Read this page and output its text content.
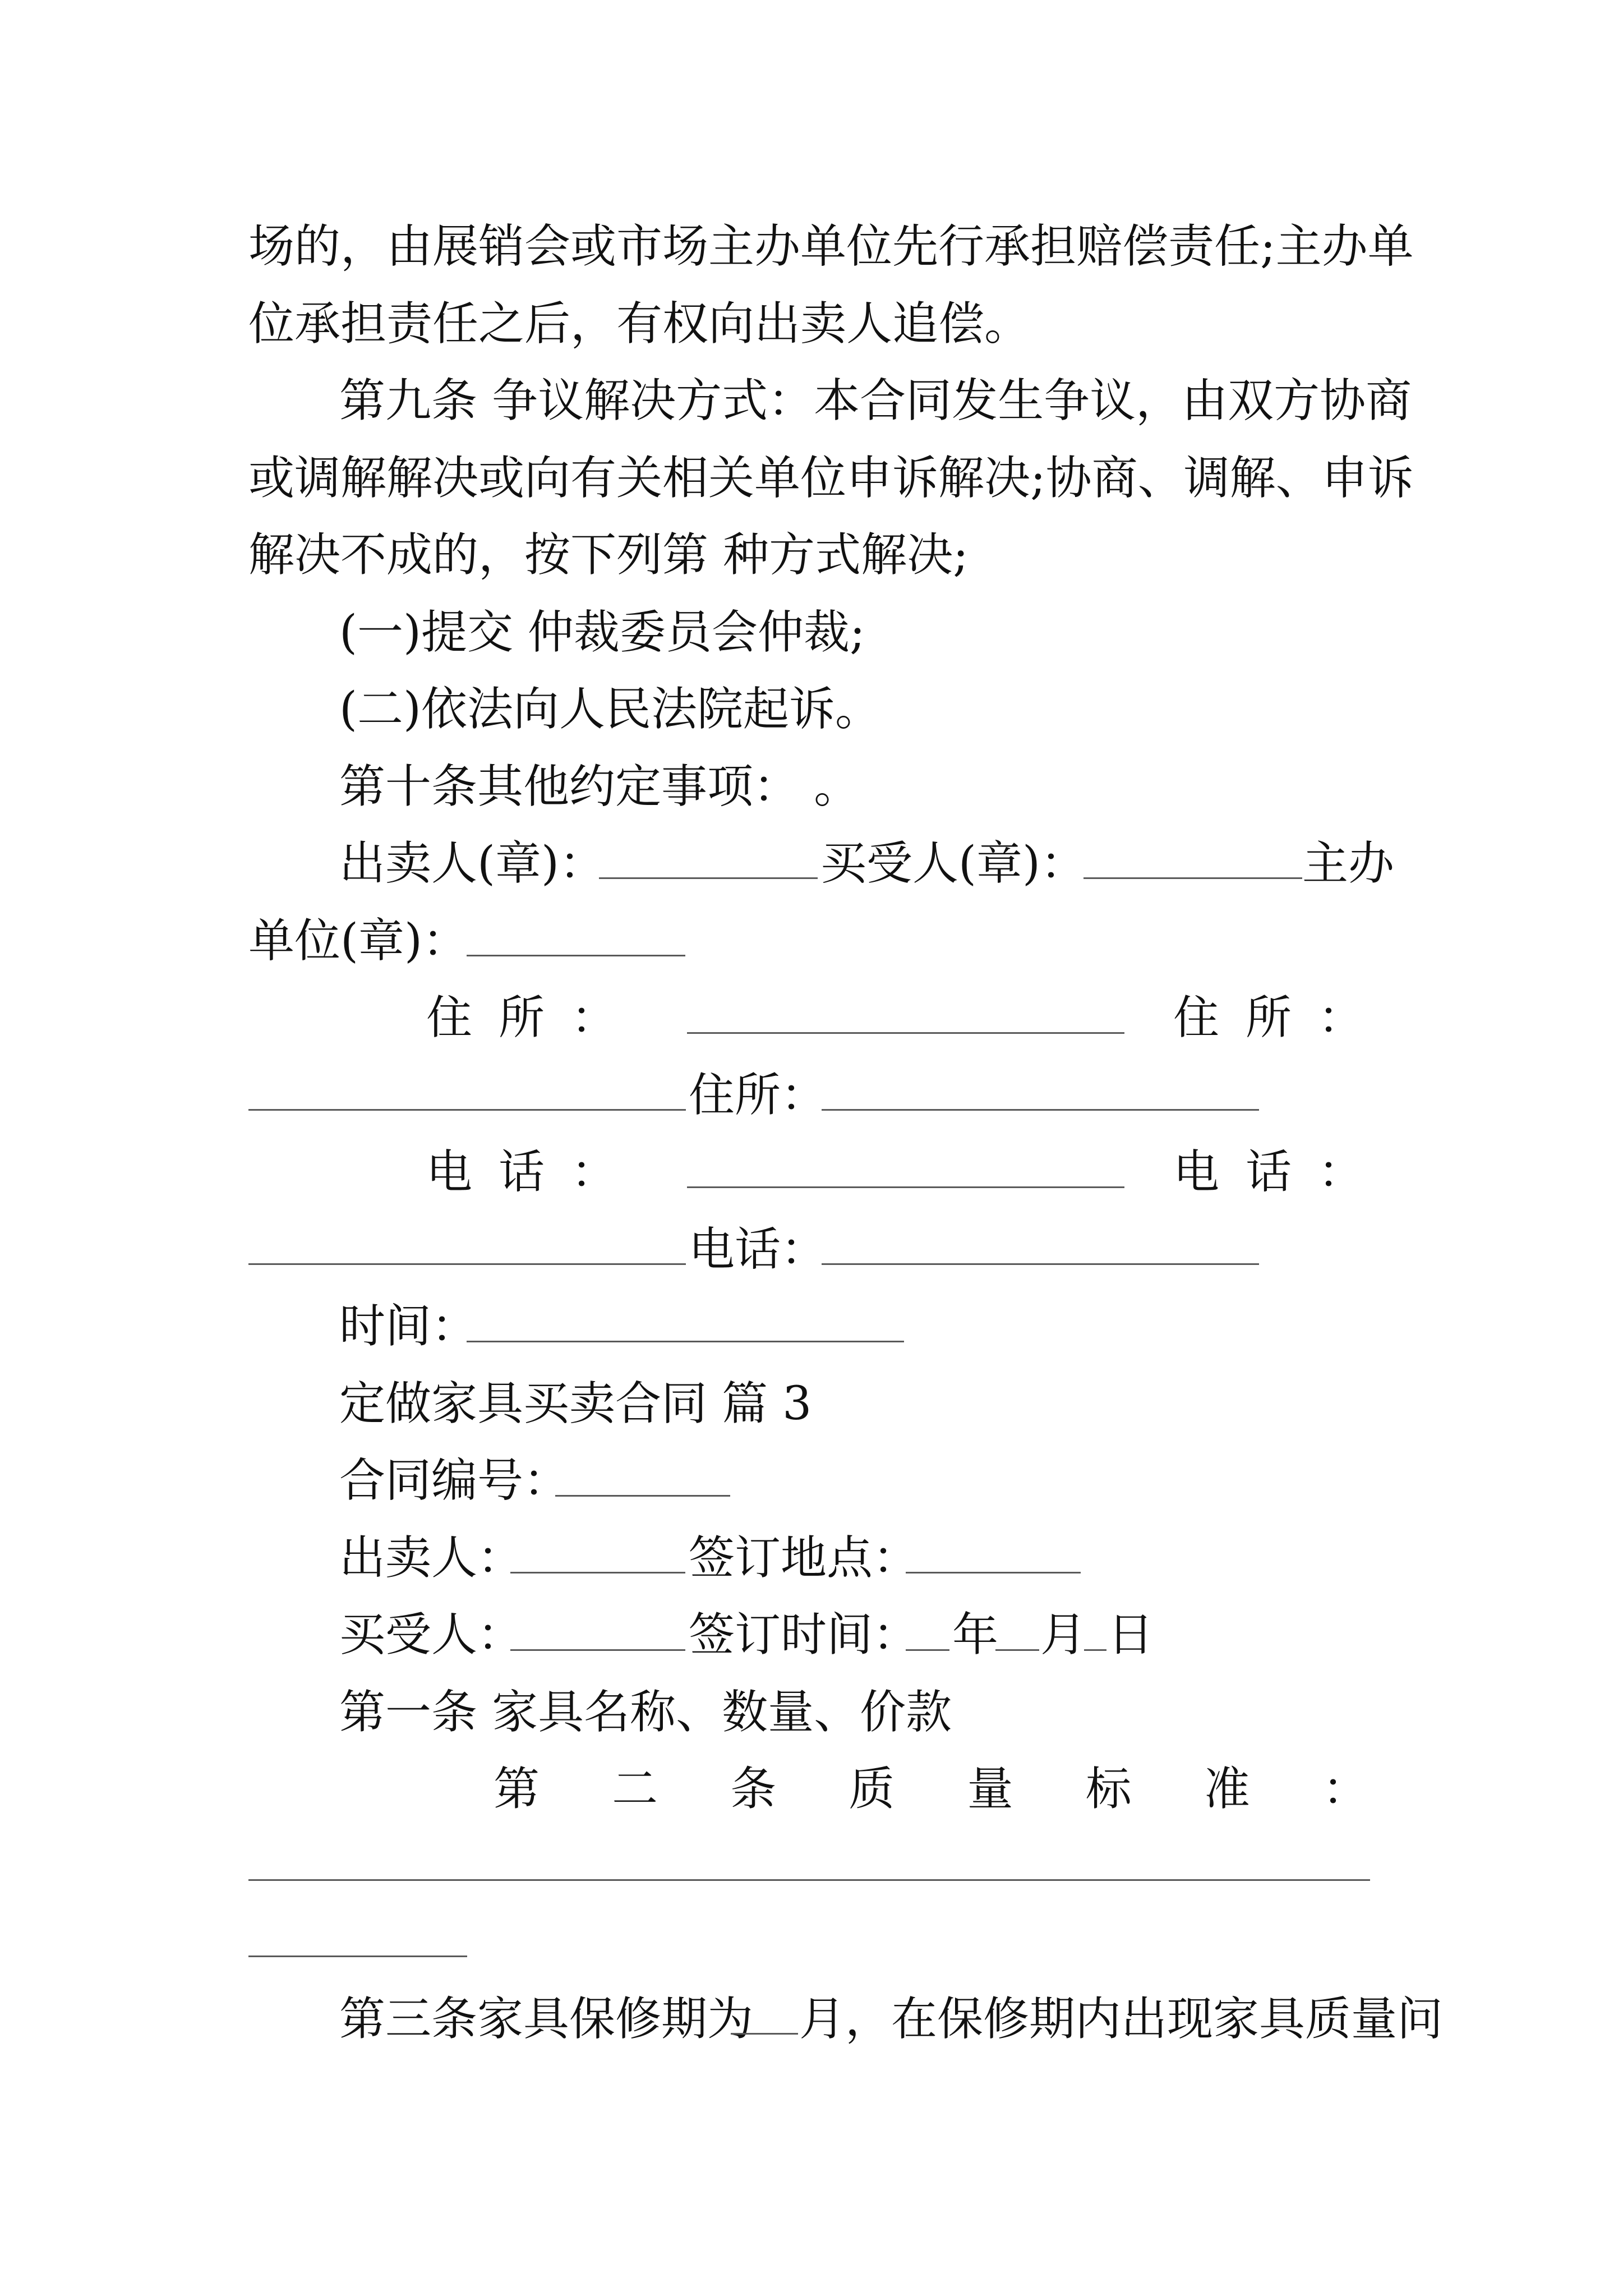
场的，由展销会或市场主办单位先行承担赔偿责任;主办单
位承担责任之后，有权向出卖人追偿。
第九条 争议解决方式：本合同发生争议，由双方协商
或调解解决或向有关相关单位申诉解决;协商、调解、申诉
解决不成的，按下列第 种方式解决;
(一)提交 仲裁委员会仲裁;
(二)依法向人民法院起诉。
第十条其他约定事项： 。
出卖人(章)：	买受人(章)：	主办
单位(章)：
住 所 ：	住 所 ：
住所：
电 话 ：	电 话 ：
电话：
时间：
定做家具买卖合同 篇 3
合同编号：
出卖人：	签订地点：
买受人：	签订时间： 年 月 日
第一条 家具名称、数量、价款
第 二 条 质 量 标 准 ：
第三条家具保修期为 月，在保修期内出现家具质量问
